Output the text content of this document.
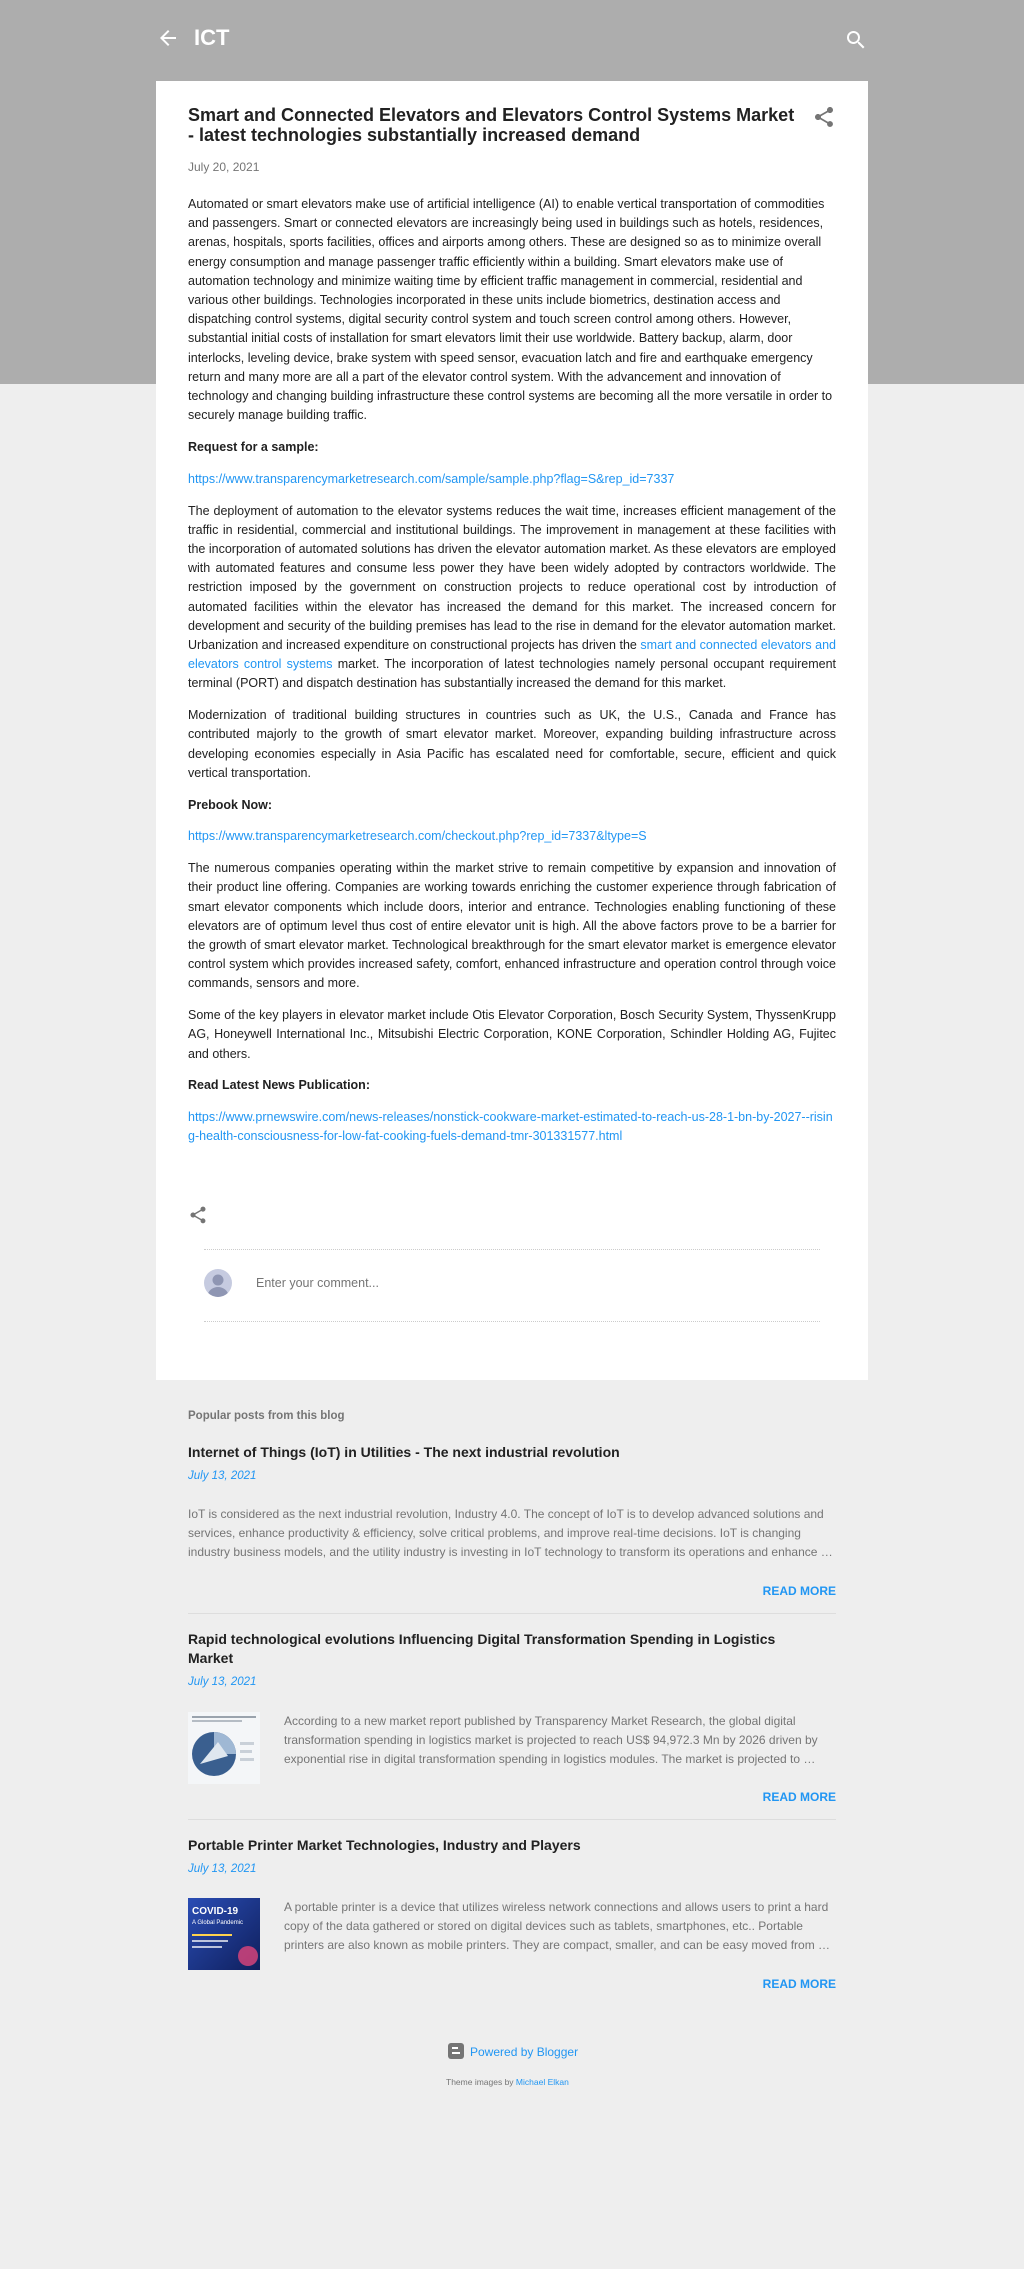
ICT
Smart and Connected Elevators and Elevators Control Systems Market - latest technologies substantially increased demand
July 20, 2021

Automated or smart elevators make use of artificial intelligence (AI) to enable vertical transportation of commodities and passengers. Smart or connected elevators are increasingly being used in buildings such as hotels, residences, arenas, hospitals, sports facilities, offices and airports among others. These are designed so as to minimize overall energy consumption and manage passenger traffic efficiently within a building. Smart elevators make use of automation technology and minimize waiting time by efficient traffic management in commercial, residential and various other buildings. Technologies incorporated in these units include biometrics, destination access and dispatching control systems, digital security control system and touch screen control among others. However, substantial initial costs of installation for smart elevators limit their use worldwide. Battery backup, alarm, door interlocks, leveling device, brake system with speed sensor, evacuation latch and fire and earthquake emergency return and many more are all a part of the elevator control system. With the advancement and innovation of technology and changing building infrastructure these control systems are becoming all the more versatile in order to securely manage building traffic.

Request for a sample:

https://www.transparencymarketresearch.com/sample/sample.php?flag=S&rep_id=7337

The deployment of automation to the elevator systems reduces the wait time, increases efficient management of the traffic in residential, commercial and institutional buildings. The improvement in management at these facilities with the incorporation of automated solutions has driven the elevator automation market. As these elevators are employed with automated features and consume less power they have been widely adopted by contractors worldwide. The restriction imposed by the government on construction projects to reduce operational cost by introduction of automated facilities within the elevator has increased the demand for this market. The increased concern for development and security of the building premises has lead to the rise in demand for the elevator automation market. Urbanization and increased expenditure on constructional projects has driven the smart and connected elevators and elevators control systems market. The incorporation of latest technologies namely personal occupant requirement terminal (PORT) and dispatch destination has substantially increased the demand for this market.

Modernization of traditional building structures in countries such as UK, the U.S., Canada and France has contributed majorly to the growth of smart elevator market. Moreover, expanding building infrastructure across developing economies especially in Asia Pacific has escalated need for comfortable, secure, efficient and quick vertical transportation.

Prebook Now:

https://www.transparencymarketresearch.com/checkout.php?rep_id=7337&ltype=S

The numerous companies operating within the market strive to remain competitive by expansion and innovation of their product line offering. Companies are working towards enriching the customer experience through fabrication of smart elevator components which include doors, interior and entrance. Technologies enabling functioning of these elevators are of optimum level thus cost of entire elevator unit is high. All the above factors prove to be a barrier for the growth of smart elevator market. Technological breakthrough for the smart elevator market is emergence elevator control system which provides increased safety, comfort, enhanced infrastructure and operation control through voice commands, sensors and more.

Some of the key players in elevator market include Otis Elevator Corporation, Bosch Security System, ThyssenKrupp AG, Honeywell International Inc., Mitsubishi Electric Corporation, KONE Corporation, Schindler Holding AG, Fujitec and others.

Read Latest News Publication:

https://www.prnewswire.com/news-releases/nonstick-cookware-market-estimated-to-reach-us-28-1-bn-by-2027--rising-health-consciousness-for-low-fat-cooking-fuels-demand-tmr-301331577.html

Enter your comment...
Popular posts from this blog
Internet of Things (IoT) in Utilities - The next industrial revolution
July 13, 2021
IoT is considered as the next industrial revolution, Industry 4.0. The concept of IoT is to develop advanced solutions and services, enhance productivity & efficiency, solve critical problems, and improve real-time decisions. IoT is changing industry business models, and the utility industry is investing in IoT technology to transform its operations and enhance …
READ MORE
Rapid technological evolutions Influencing Digital Transformation Spending in Logistics Market
July 13, 2021
According to a new market report published by Transparency Market Research, the global digital transformation spending in logistics market is projected to reach US$ 94,972.3 Mn by 2026 driven by exponential rise in digital transformation spending in logistics modules. The market is projected to …
READ MORE
Portable Printer Market Technologies, Industry and Players
July 13, 2021
COVID-19
A Global Pandemic
A portable printer is a device that utilizes wireless network connections and allows users to print a hard copy of the data gathered or stored on digital devices such as tablets, smartphones, etc.. Portable printers are also known as mobile printers. They are compact, smaller, and can be easy moved from …
READ MORE
Powered by Blogger
Theme images by Michael Elkan
